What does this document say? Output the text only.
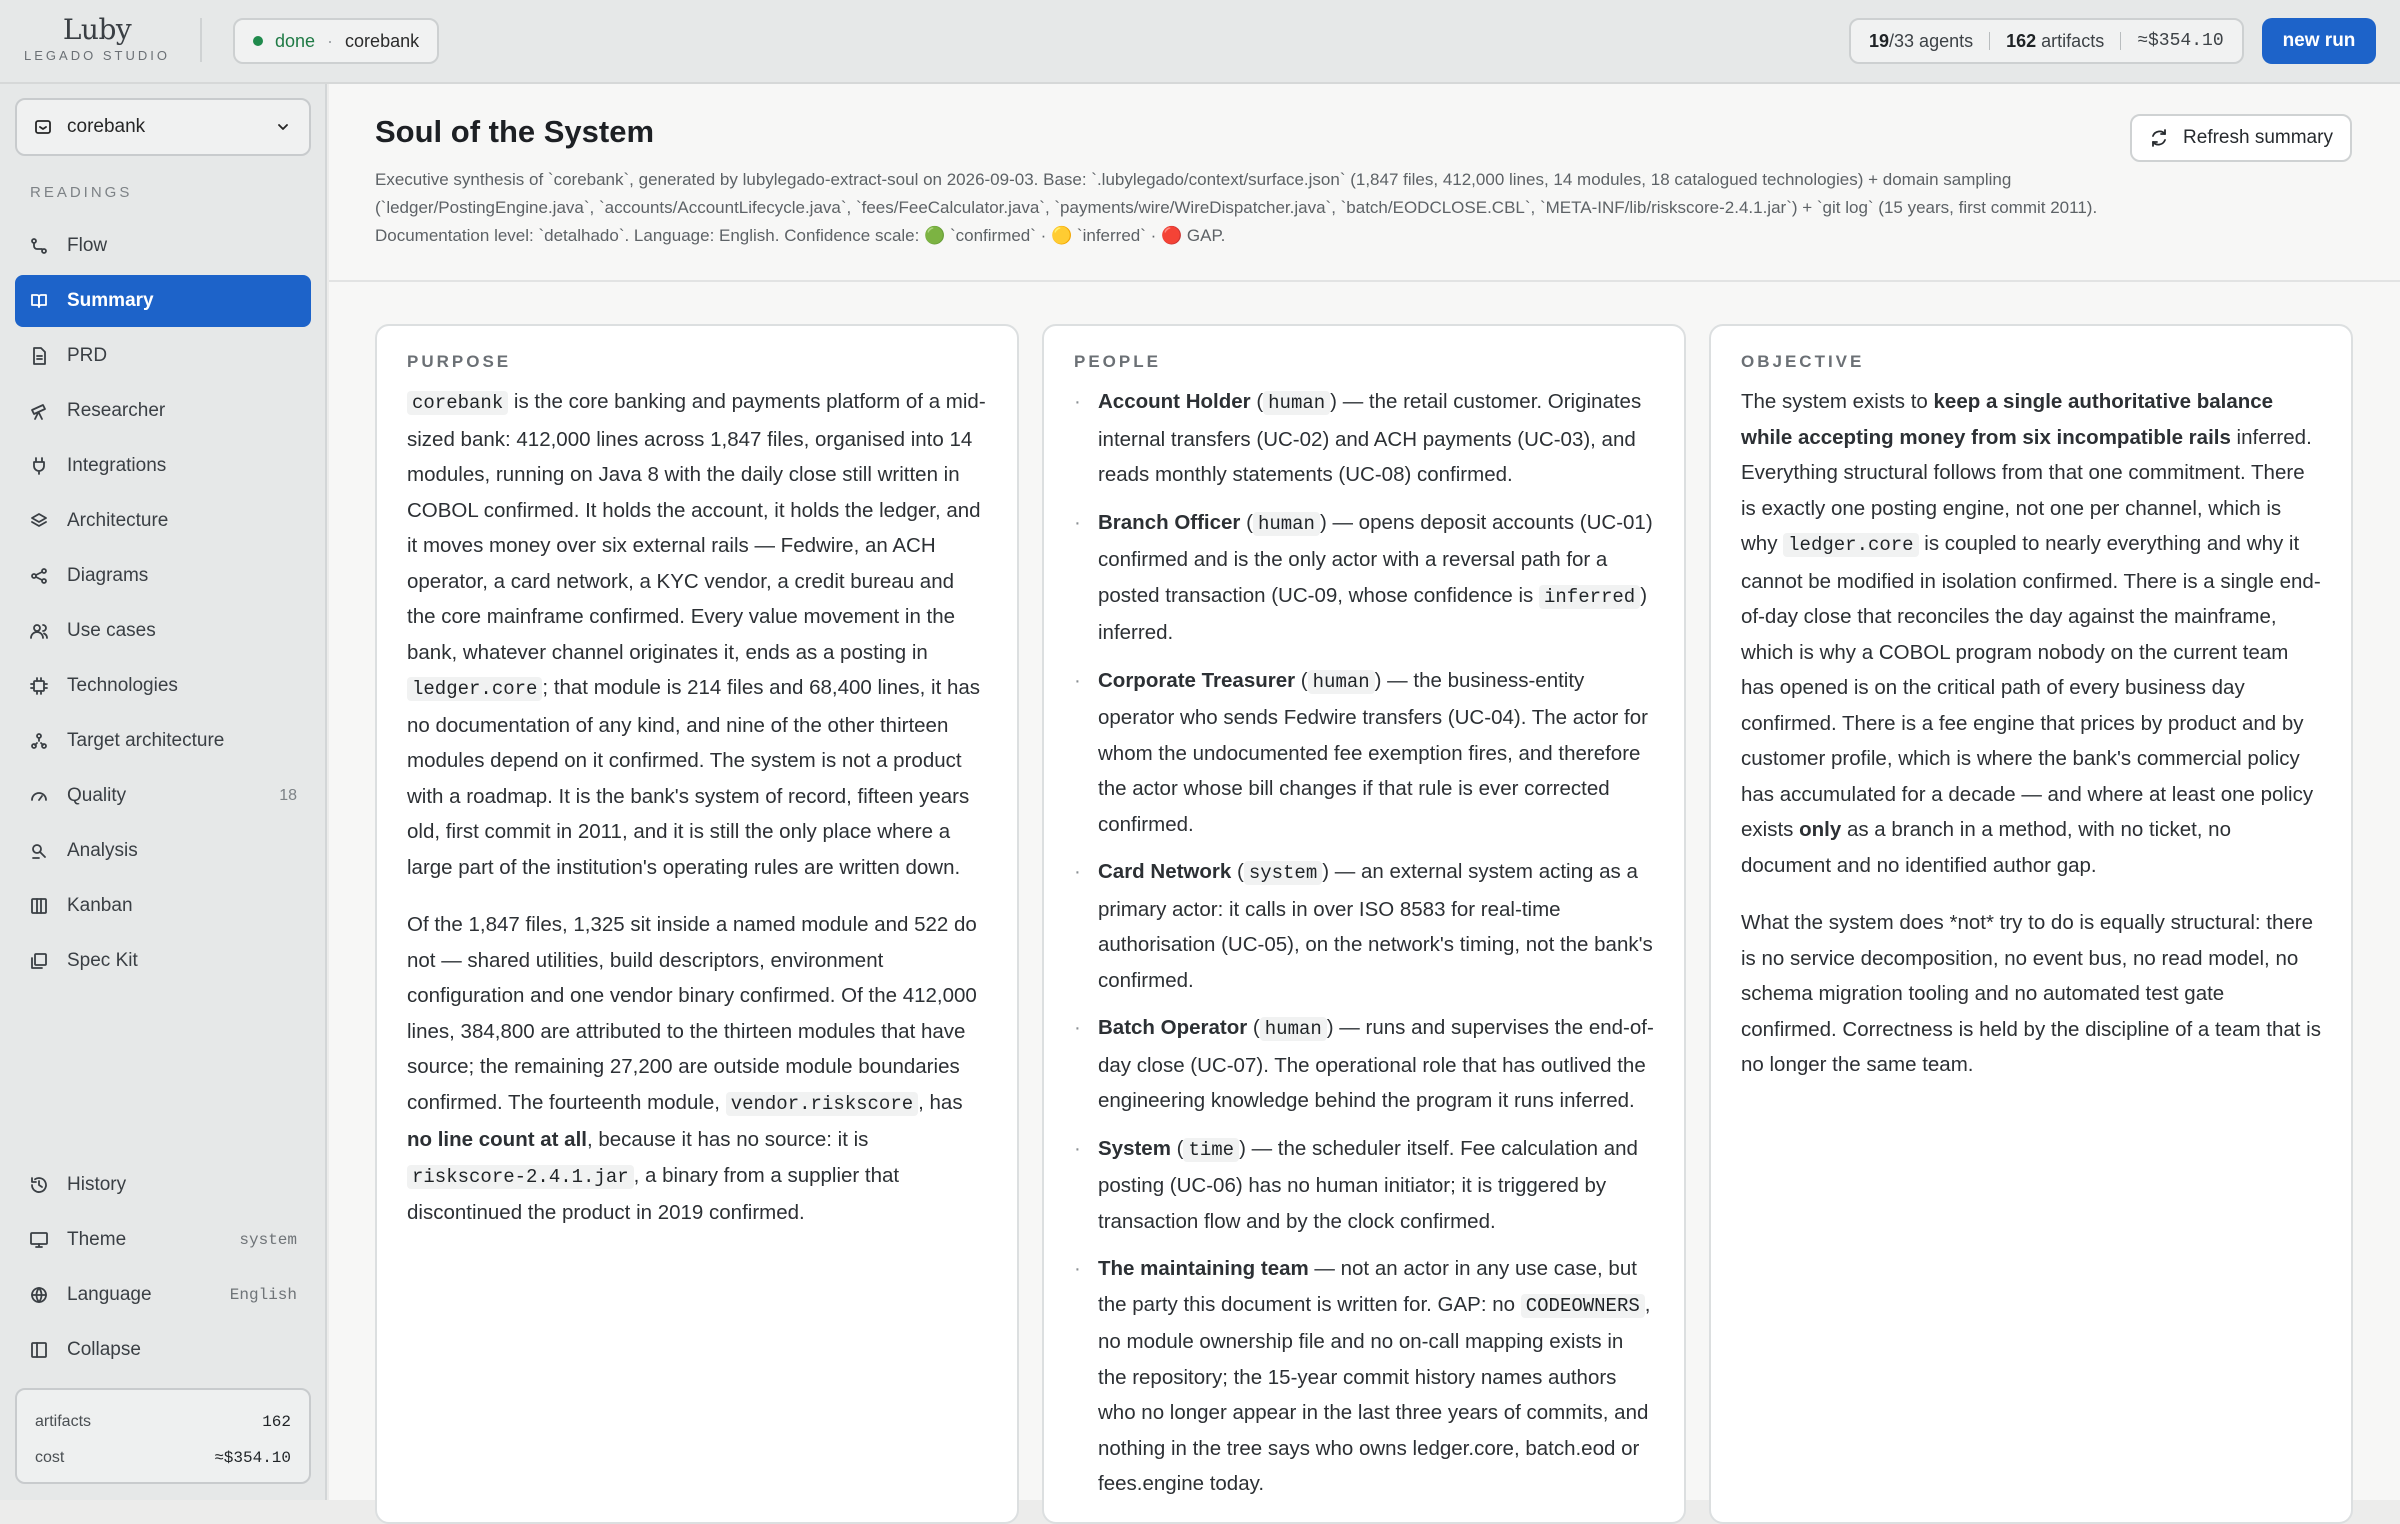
Luby
LEGADO STUDIO
done · corebank	19/33 agents 162 artifacts ≈$354.10	new run
corebank
READINGS
Flow
Summary
PRD
Researcher
Integrations
Architecture
Diagrams
Use cases
Technologies
Target architecture
Quality	18
Analysis
Kanban
Spec Kit
History
Theme	system
Language	English
Collapse
artifacts	162
cost	≈$354.10
Soul of the System
Executive synthesis of `corebank`, generated by lubylegado-extract-soul on 2026-09-03. Base: `.lubylegado/context/surface.json` (1,847 files, 412,000 lines, 14 modules, 18 catalogued technologies) + domain sampling (`ledger/PostingEngine.java`, `accounts/AccountLifecycle.java`, `fees/FeeCalculator.java`, `payments/wire/WireDispatcher.java`, `batch/EODCLOSE.CBL`, `META-INF/lib/riskscore-2.4.1.jar`) + `git log` (15 years, first commit 2011). Documentation level: `detalhado`. Language: English. Confidence scale: 🟢 `confirmed` · 🟡 `inferred` · 🔴 GAP.
Refresh summary
PURPOSE

corebank is the core banking and payments platform of a mid-sized bank: 412,000 lines across 1,847 files, organised into 14 modules, running on Java 8 with the daily close still written in COBOL confirmed. It holds the account, it holds the ledger, and it moves money over six external rails — Fedwire, an ACH operator, a card network, a KYC vendor, a credit bureau and the core mainframe confirmed. Every value movement in the bank, whatever channel originates it, ends as a posting in ledger.core ; that module is 214 files and 68,400 lines, it has no documentation of any kind, and nine of the other thirteen modules depend on it confirmed. The system is not a product with a roadmap. It is the bank's system of record, fifteen years old, first commit in 2011, and it is still the only place where a large part of the institution's operating rules are written down.

Of the 1,847 files, 1,325 sit inside a named module and 522 do not — shared utilities, build descriptors, environment configuration and one vendor binary confirmed. Of the 412,000 lines, 384,800 are attributed to the thirteen modules that have source; the remaining 27,200 are outside module boundaries confirmed. The fourteenth module, vendor.riskscore , has no line count at all, because it has no source: it is riskscore-2.4.1.jar , a binary from a supplier that discontinued the product in 2019 confirmed.

PEOPLE
· Account Holder ( human ) — the retail customer. Originates internal transfers (UC-02) and ACH payments (UC-03), and reads monthly statements (UC-08) confirmed.
· Branch Officer ( human ) — opens deposit accounts (UC-01) confirmed and is the only actor with a reversal path for a posted transaction (UC-09, whose confidence is inferred ) inferred.
· Corporate Treasurer ( human ) — the business-entity operator who sends Fedwire transfers (UC-04). The actor for whom the undocumented fee exemption fires, and therefore the actor whose bill changes if that rule is ever corrected confirmed.
· Card Network ( system ) — an external system acting as a primary actor: it calls in over ISO 8583 for real-time authorisation (UC-05), on the network's timing, not the bank's confirmed.
· Batch Operator ( human ) — runs and supervises the end-of-day close (UC-07). The operational role that has outlived the engineering knowledge behind the program it runs inferred.
· System ( time ) — the scheduler itself. Fee calculation and posting (UC-06) has no human initiator; it is triggered by transaction flow and by the clock confirmed.
· The maintaining team — not an actor in any use case, but the party this document is written for. GAP: no CODEOWNERS , no module ownership file and no on-call mapping exists in the repository; the 15-year commit history names authors who no longer appear in the last three years of commits, and nothing in the tree says who owns ledger.core, batch.eod or fees.engine today.
OBJECTIVE

The system exists to keep a single authoritative balance while accepting money from six incompatible rails inferred. Everything structural follows from that one commitment. There is exactly one posting engine, not one per channel, which is why ledger.core is coupled to nearly everything and why it cannot be modified in isolation confirmed. There is a single end-of-day close that reconciles the day against the mainframe, which is why a COBOL program nobody on the current team has opened is on the critical path of every business day confirmed. There is a fee engine that prices by product and by customer profile, which is where the bank's commercial policy has accumulated for a decade — and where at least one policy exists only as a branch in a method, with no ticket, no document and no identified author gap.

What the system does *not* try to do is equally structural: there is no service decomposition, no event bus, no read model, no schema migration tooling and no automated test gate confirmed. Correctness is held by the discipline of a team that is no longer the same team.
